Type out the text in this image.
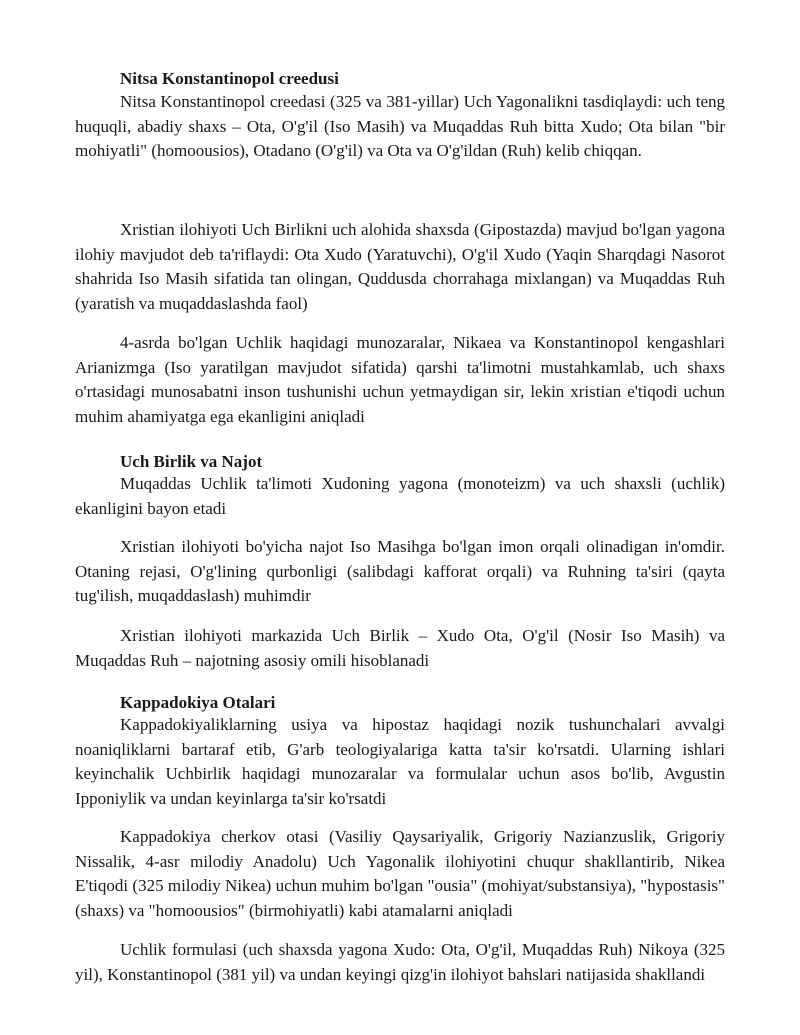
Nitsa Konstantinopol creedusi

Nitsa Konstantinopol creedasi (325 va 381-yillar) Uch Yagonalikni tasdiqlaydi: uch teng huquqli, abadiy shaxs – Ota, O'g'il (Iso Masih) va Muqaddas Ruh bitta Xudo; Ota bilan "bir mohiyatli" (homoousios), Otadano (O'g'il) va Ota va O'g'ildan (Ruh) kelib chiqqan.

Xristian ilohiyoti Uch Birlikni uch alohida shaxsda (Gipostazda) mavjud bo'lgan yagona ilohiy mavjudot deb ta'riflaydi: Ota Xudo (Yaratuvchi), O'g'il Xudo (Yaqin Sharqdagi Nasorot shahrida Iso Masih sifatida tan olingan, Quddusda chorrahaga mixlangan) va Muqaddas Ruh (yaratish va muqaddaslashda faol)

4-asrda bo'lgan Uchlik haqidagi munozaralar, Nikaea va Konstantinopol kengashlari Arianizmga (Iso yaratilgan mavjudot sifatida) qarshi ta'limotni mustahkamlab, uch shaxs o'rtasidagi munosabatni inson tushunishi uchun yetmaydigan sir, lekin xristian e'tiqodi uchun muhim ahamiyatga ega ekanligini aniqladi

Uch Birlik va Najot

Muqaddas Uchlik ta'limoti Xudoning yagona (monoteizm) va uch shaxsli (uchlik) ekanligini bayon etadi

Xristian ilohiyoti bo'yicha najot Iso Masihga bo'lgan imon orqali olinadigan in'omdir. Otaning rejasi, O'g'lining qurbonligi (salibdagi kafforat orqali) va Ruhning ta'siri (qayta tug'ilish, muqaddaslash) muhimdir

Xristian ilohiyoti markazida Uch Birlik – Xudo Ota, O'g'il (Nosir Iso Masih) va Muqaddas Ruh – najotning asosiy omili hisoblanadi

Kappadokiya Otalari

Kappadokiyaliklarning usiya va hipostaz haqidagi nozik tushunchalari avvalgi noaniqliklarni bartaraf etib, G'arb teologiyalariga katta ta'sir ko'rsatdi. Ularning ishlari keyinchalik Uchbirlik haqidagi munozaralar va formulalar uchun asos bo'lib, Avgustin Ipponiylik va undan keyinlarga ta'sir ko'rsatdi

Kappadokiya cherkov otasi (Vasiliy Qaysariyalik, Grigoriy Nazianzuslik, Grigoriy Nissalik, 4-asr milodiy Anadolu) Uch Yagonalik ilohiyotini chuqur shakllantirib, Nikea E'tiqodi (325 milodiy Nikea) uchun muhim bo'lgan "ousia" (mohiyat/substansiya), "hypostasis" (shaxs) va "homoousios" (birmohiyatli) kabi atamalarni aniqladi

Uchlik formulasi (uch shaxsda yagona Xudo: Ota, O'g'il, Muqaddas Ruh) Nikoya (325 yil), Konstantinopol (381 yil) va undan keyingi qizg'in ilohiyot bahslari natijasida shakllandi
